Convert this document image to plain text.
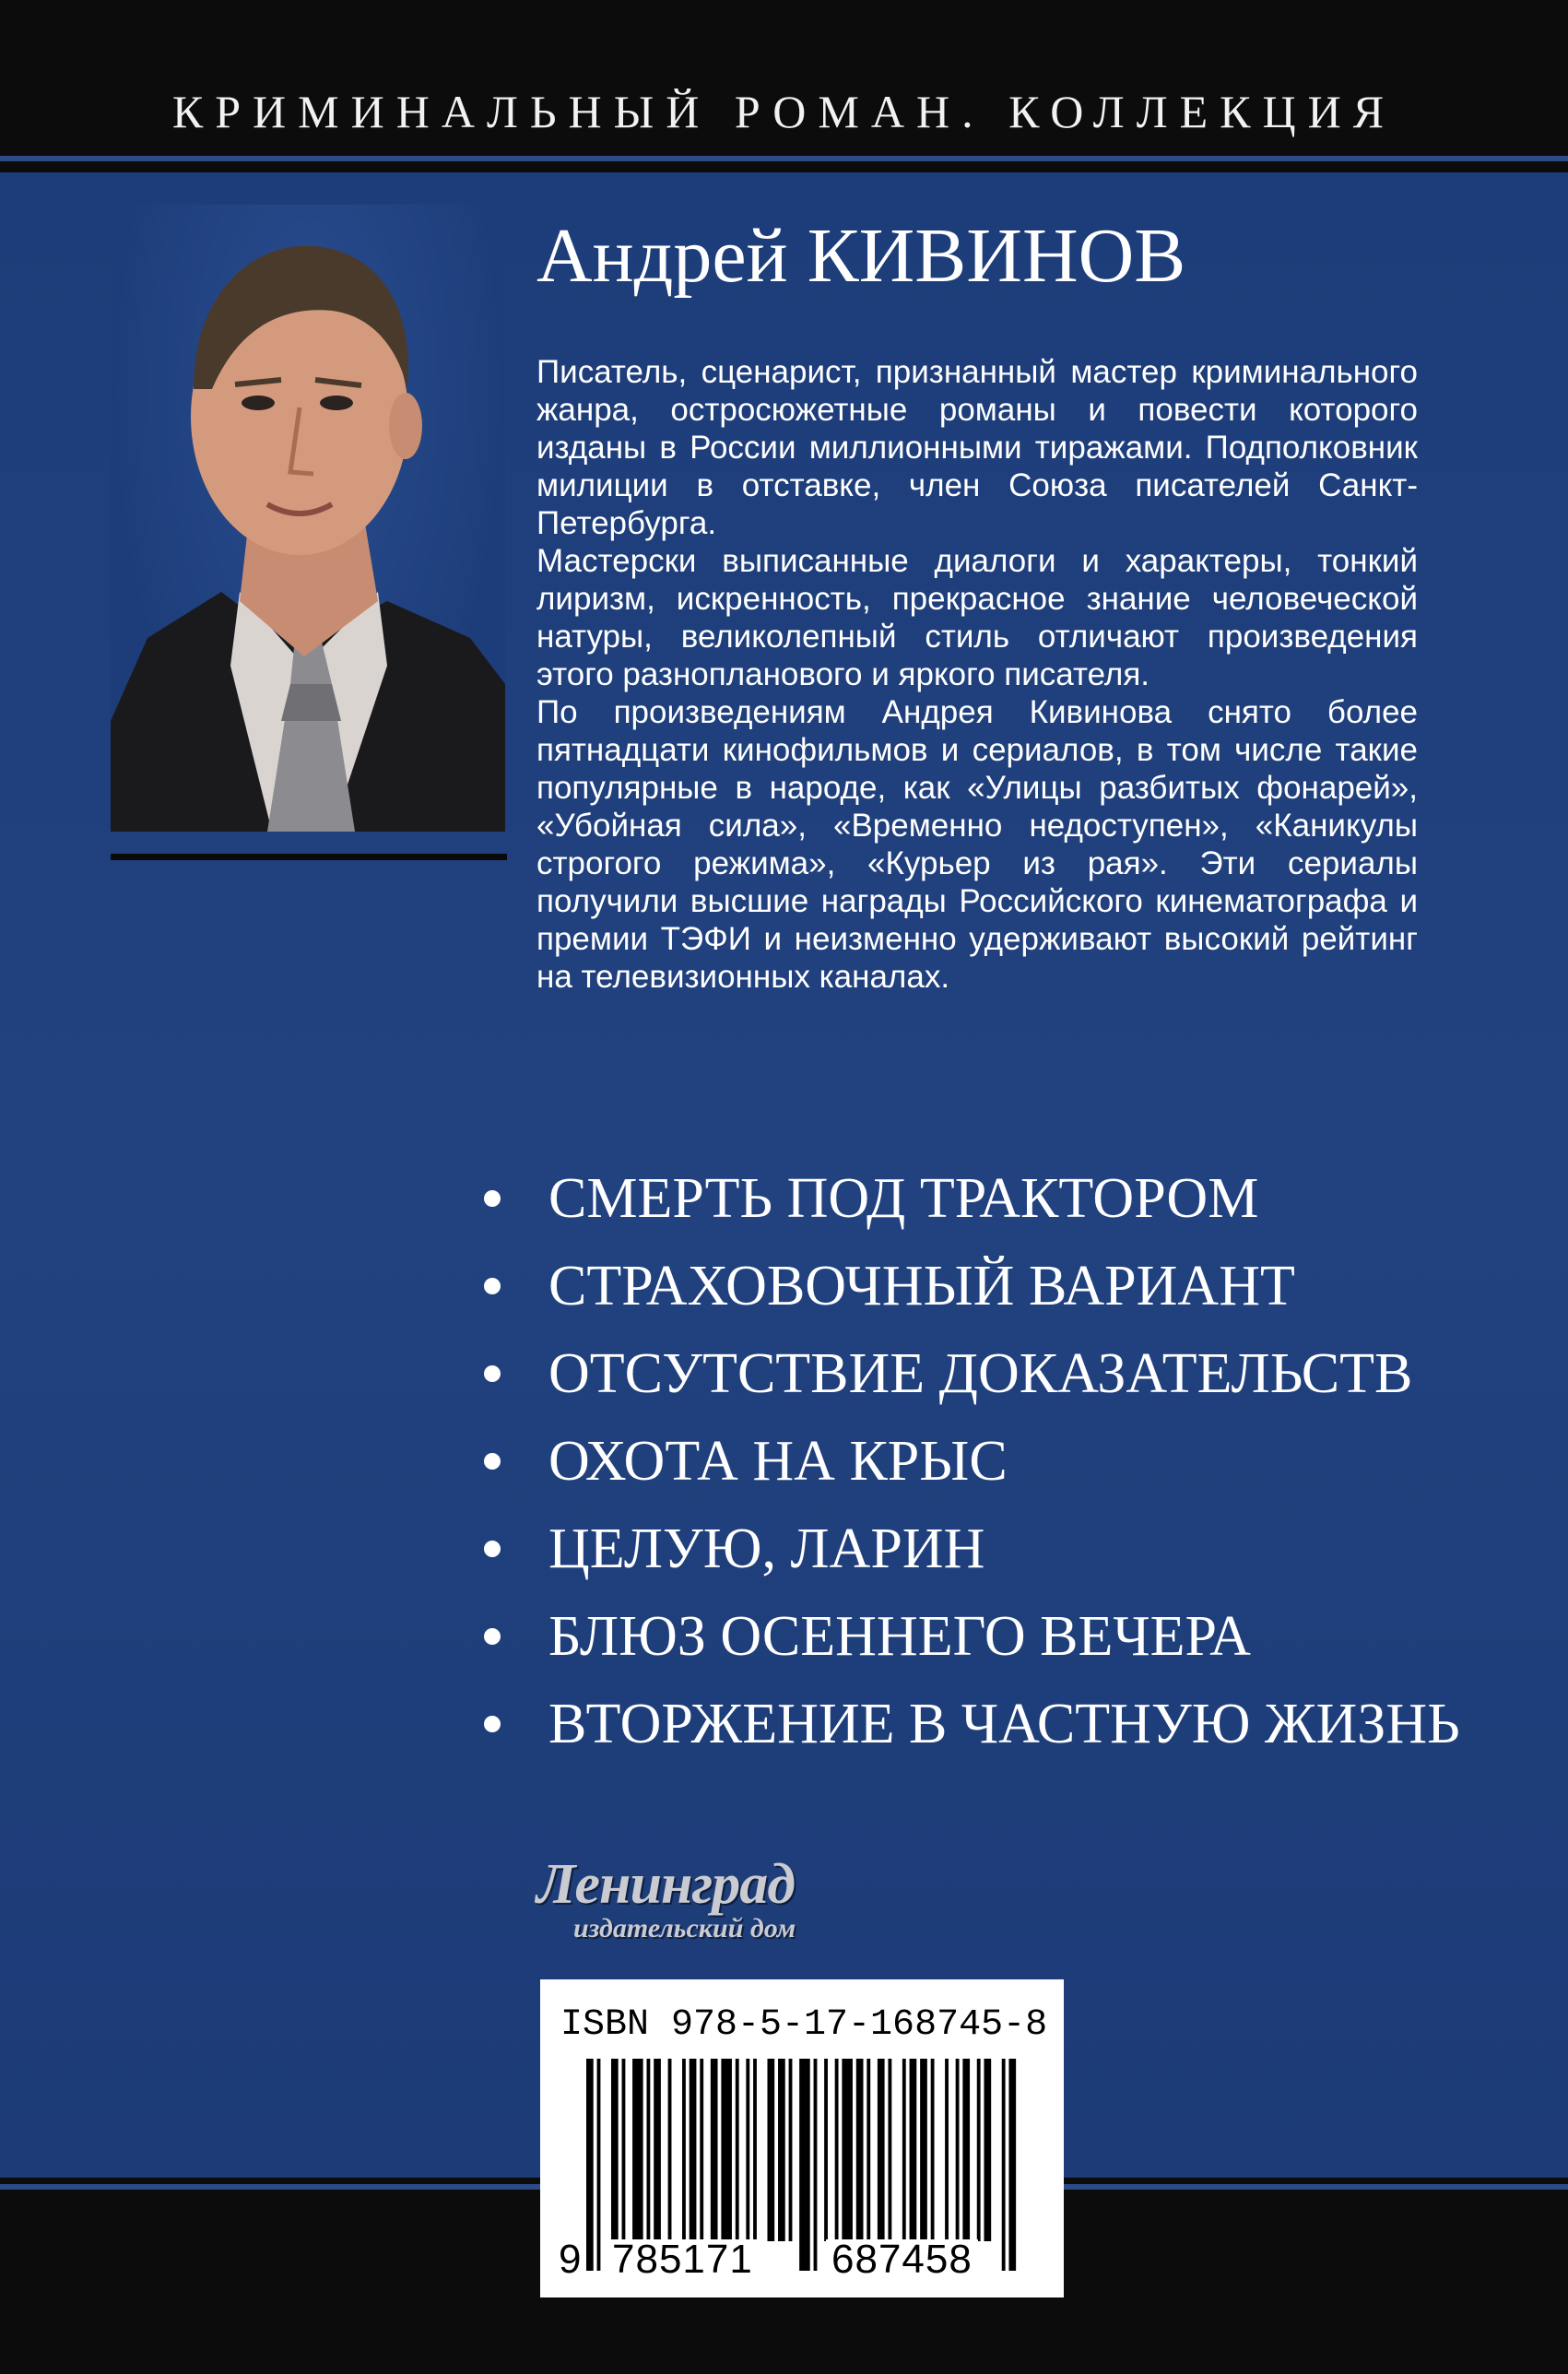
КРИМИНАЛЬНЫЙ РОМАН. КОЛЛЕКЦИЯ
Андрей КИВИНОВ

Писатель, сценарист, признанный мастер криминального жанра, остросюжетные романы и повести которого изданы в России миллионными тиражами. Подполковник милиции в отставке, член Союза писателей Санкт-Петербурга.

Мастерски выписанные диалоги и характеры, тонкий лиризм, искренность, прекрасное знание человеческой натуры, великолепный стиль отличают произведения этого разнопланового и яркого писателя.

По произведениям Андрея Кивинова снято более пятнадцати кинофильмов и сериалов, в том числе такие популярные в народе, как «Улицы разбитых фонарей», «Убойная сила», «Временно недоступен», «Каникулы строгого режима», «Курьер из рая». Эти сериалы получили высшие награды Российского кинематографа и премии ТЭФИ и неизменно удерживают высокий рейтинг на телевизионных каналах.

СМЕРТЬ ПОД ТРАКТОРОМ
СТРАХОВОЧНЫЙ ВАРИАНТ
ОТСУТСТВИЕ ДОКАЗАТЕЛЬСТВ
ОХОТА НА КРЫС
ЦЕЛУЮ, ЛАРИН
БЛЮЗ ОСЕННЕГО ВЕЧЕРА
ВТОРЖЕНИЕ В ЧАСТНУЮ ЖИЗНЬ
Ленинград
издательский дом
ISBN 978-5-17-168745-8
9 785171 687458
